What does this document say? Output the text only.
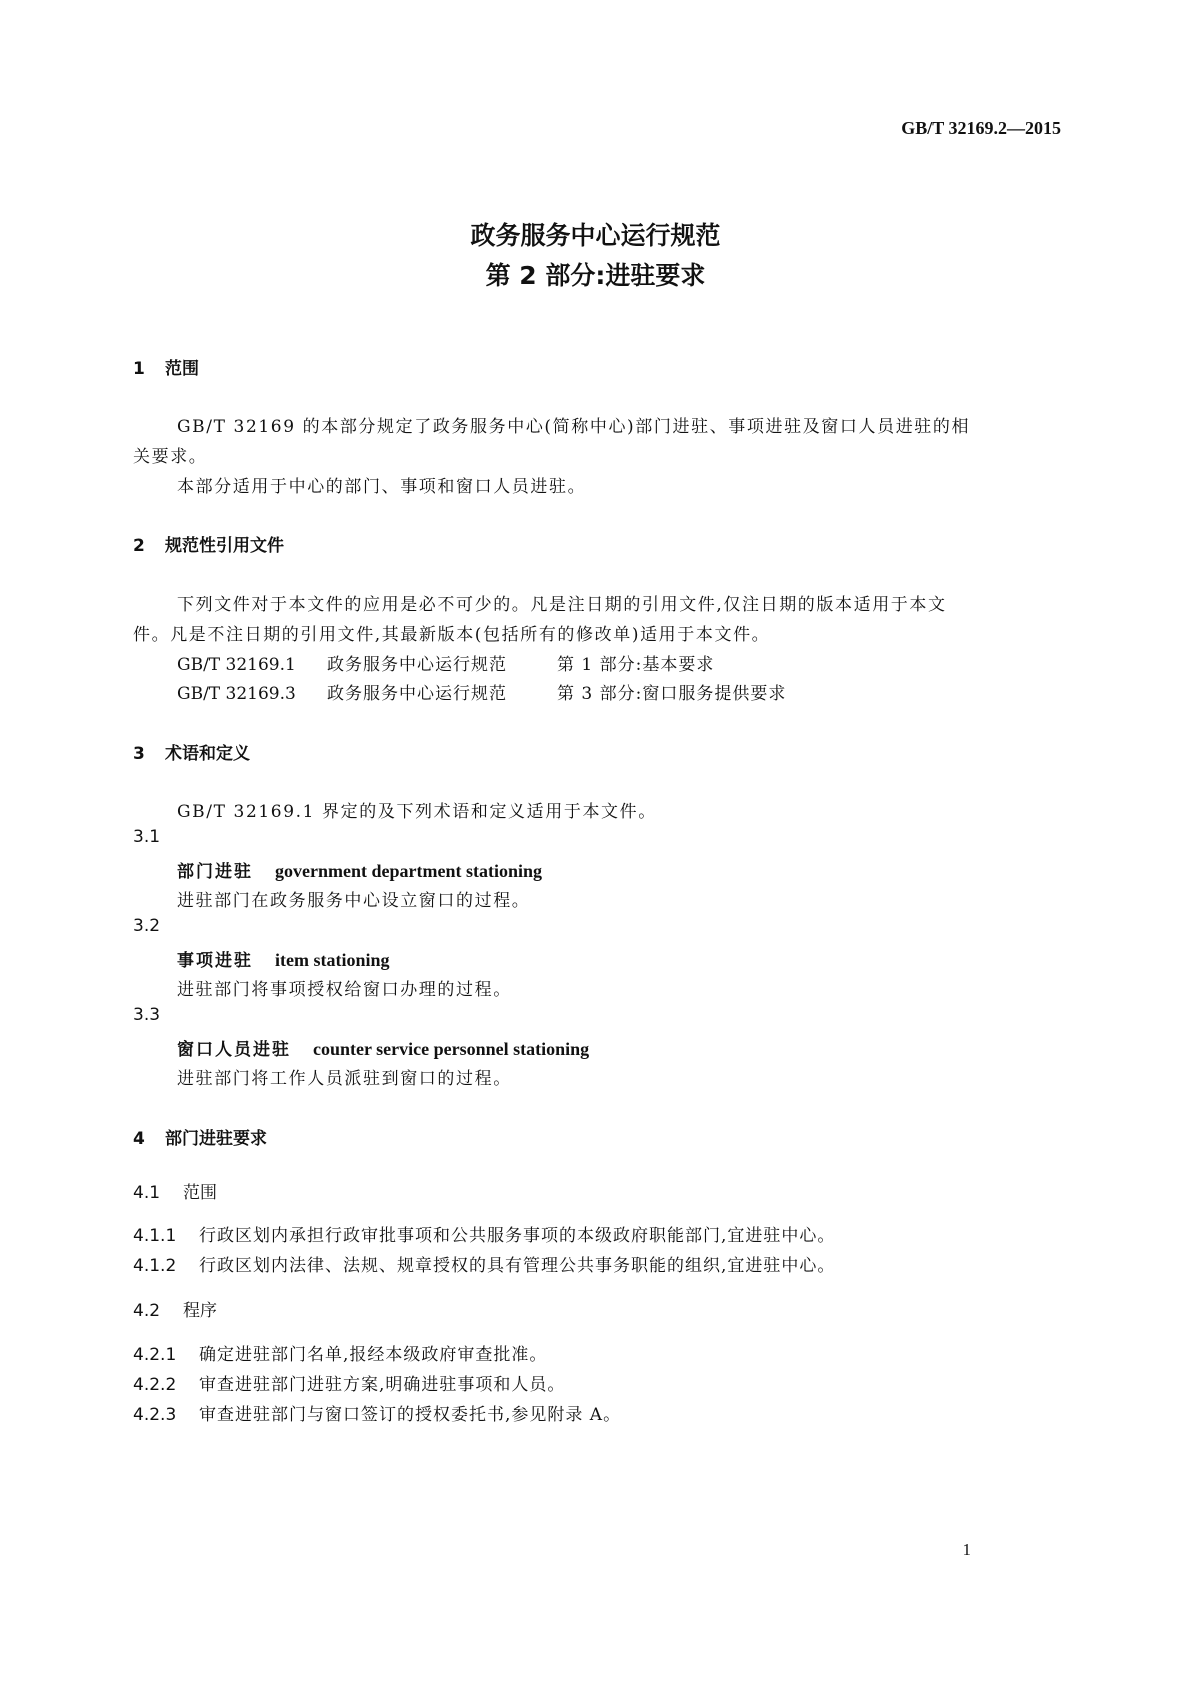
GB/T 32169.2—2015
政务服务中心运行规范
第 2 部分:进驻要求
1 范围
GB/T 32169 的本部分规定了政务服务中心(简称中心)部门进驻、事项进驻及窗口人员进驻的相
关要求。
本部分适用于中心的部门、事项和窗口人员进驻。
2 规范性引用文件
下列文件对于本文件的应用是必不可少的。凡是注日期的引用文件,仅注日期的版本适用于本文
件。凡是不注日期的引用文件,其最新版本(包括所有的修改单)适用于本文件。
GB/T 32169.1 政务服务中心运行规范	第 1 部分:基本要求
GB/T 32169.3 政务服务中心运行规范	第 3 部分:窗口服务提供要求
3 术语和定义
GB/T 32169.1 界定的及下列术语和定义适用于本文件。
3.1
部门进驻 government department stationing
进驻部门在政务服务中心设立窗口的过程。
3.2
事项进驻 item stationing
进驻部门将事项授权给窗口办理的过程。
3.3
窗口人员进驻 counter service personnel stationing
进驻部门将工作人员派驻到窗口的过程。
4 部门进驻要求
4.1 范围
4.1.1 行政区划内承担行政审批事项和公共服务事项的本级政府职能部门,宜进驻中心。
4.1.2 行政区划内法律、法规、规章授权的具有管理公共事务职能的组织,宜进驻中心。
4.2 程序
4.2.1 确定进驻部门名单,报经本级政府审查批准。
4.2.2 审查进驻部门进驻方案,明确进驻事项和人员。
4.2.3 审查进驻部门与窗口签订的授权委托书,参见附录 A。
1
